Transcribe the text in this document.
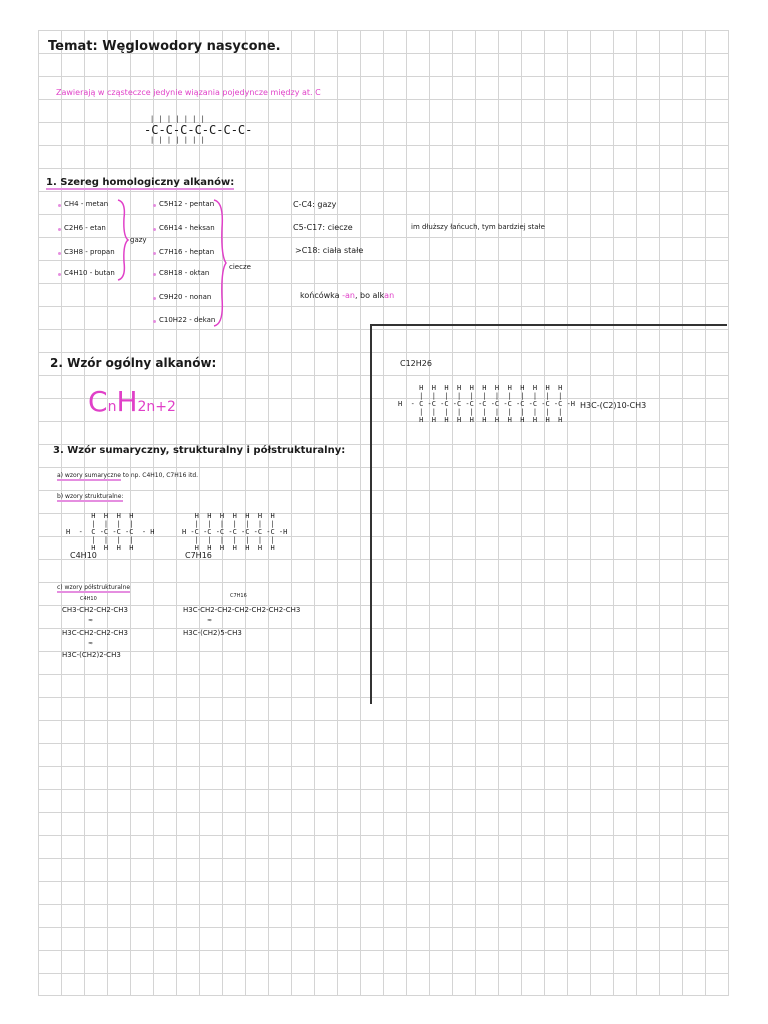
Temat: Węglowodory nasycone.
Zawierają w cząsteczce jedynie wiązania pojedyncze między at. C
| | | | | | |
-C-C-C-C-C-C-C-
| | | | | | |
1. Szereg homologiczny alkanów:
CH4 - metan
C2H6 - etan
C3H8 - propan
C4H10 - butan
gazy
C5H12 - pentan
C6H14 - heksan
C7H16 - heptan
C8H18 - oktan
C9H20 - nonan
C10H22 - dekan
ciecze
C-C4: gazy
C5-C17: ciecze
>C18: ciała stałe
im dłuższy łańcuch, tym bardziej stałe
końcówka -an, bo alkan
2. Wzór ogólny alkanów:
CnH2n+2
3. Wzór sumaryczny, strukturalny i półstrukturalny:
a) wzory sumaryczne to np. C4H10, C7H16 itd.
b) wzory strukturalne:
H  H  H  H
|  |  |  |
H  -  C -C -C -C  - H
|  |  |  |
H  H  H  H
C4H10
H  H  H  H  H  H  H
|  |  |  |  |  |  |
H -C -C -C -C -C -C -C -H
|  |  |  |  |  |  |
H  H  H  H  H  H  H
C7H16
c) wzory półstrukturalne
C4H10	C7H16
CH3-CH2-CH2-CH3
≈
H3C-CH2-CH2-CH3
≈
H3C-(CH2)2-CH3
H3C-CH2-CH2-CH2-CH2-CH2-CH3
≈
H3C-(CH2)5-CH3
C12H26
H  H  H  H  H  H  H  H  H  H  H  H
|  |  |  |  |  |  |  |  |  |  |  |
H  - C -C -C -C -C -C -C -C -C -C -C -C -H
|  |  |  |  |  |  |  |  |  |  |  |
H  H  H  H  H  H  H  H  H  H  H  H
H3C-(C2)10-CH3
